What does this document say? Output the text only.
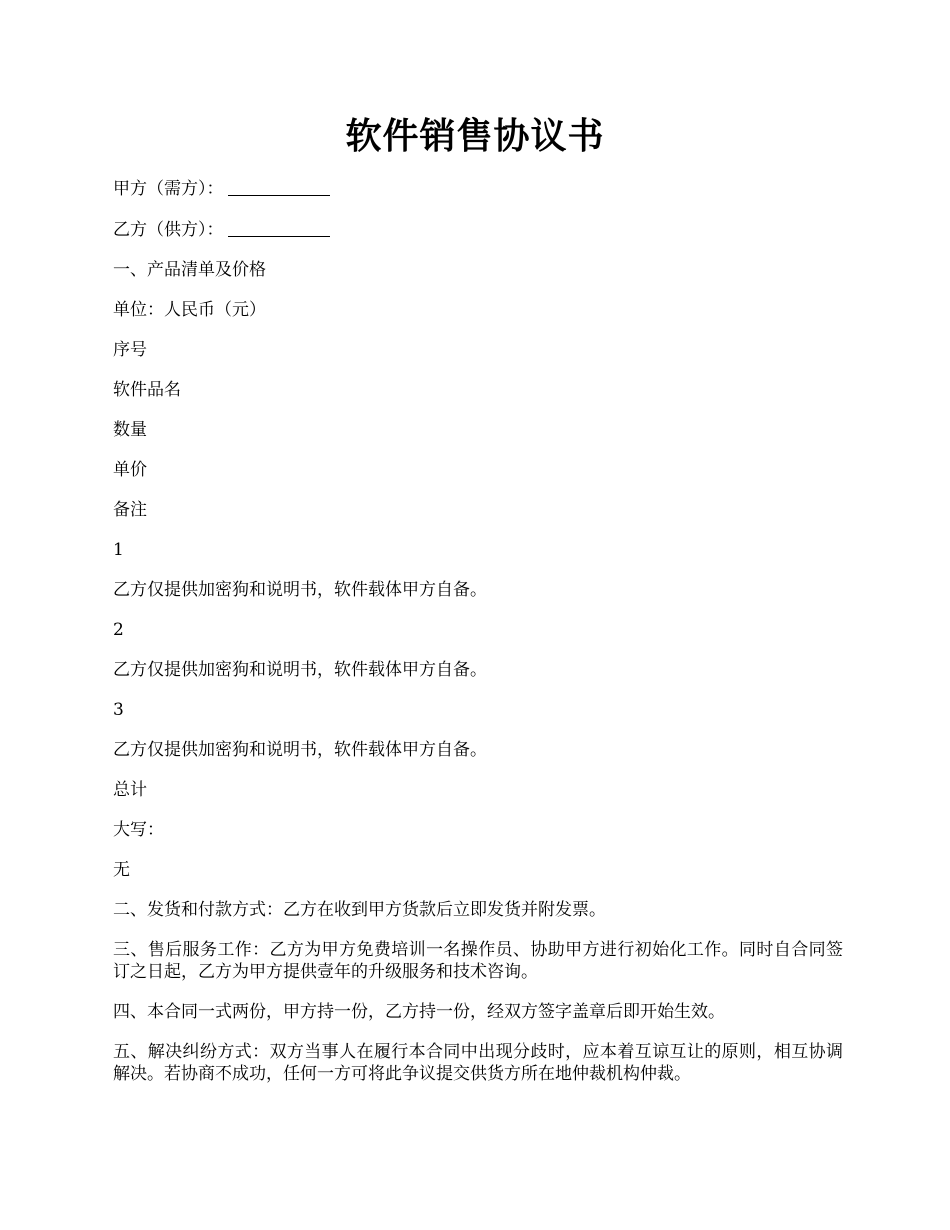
软件销售协议书
甲方（需方）：
乙方（供方）：
一、产品清单及价格
单位：人民币（元）
序号
软件品名
数量
单价
备注
1
乙方仅提供加密狗和说明书，软件载体甲方自备。
2
乙方仅提供加密狗和说明书，软件载体甲方自备。
3
乙方仅提供加密狗和说明书，软件载体甲方自备。
总计
大写：
无
二、发货和付款方式：乙方在收到甲方货款后立即发货并附发票。
三、售后服务工作：乙方为甲方免费培训一名操作员、协助甲方进行初始化工作。同时自合同签订之日起，乙方为甲方提供壹年的升级服务和技术咨询。
四、本合同一式两份，甲方持一份，乙方持一份，经双方签字盖章后即开始生效。
五、解决纠纷方式：双方当事人在履行本合同中出现分歧时，应本着互谅互让的原则，相互协调解决。若协商不成功，任何一方可将此争议提交供货方所在地仲裁机构仲裁。
